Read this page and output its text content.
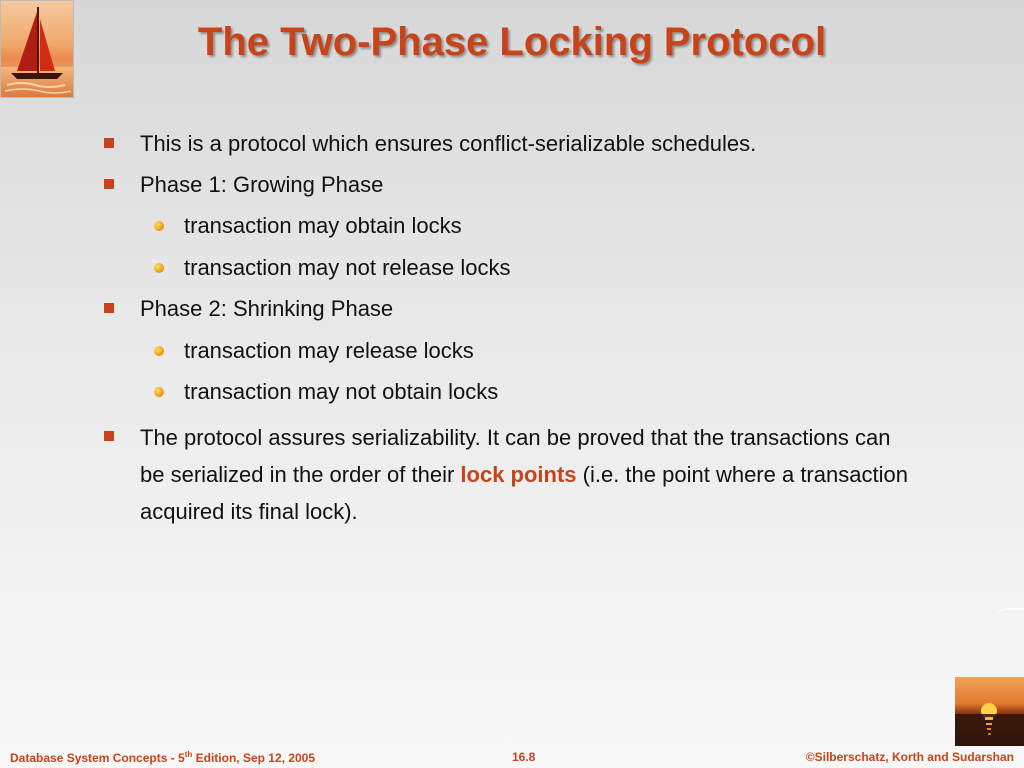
The Two-Phase Locking Protocol
This is a protocol which ensures conflict-serializable schedules.
Phase 1: Growing Phase
transaction may obtain locks
transaction may not release locks
Phase 2: Shrinking Phase
transaction may release locks
transaction may not obtain locks
The protocol assures serializability. It can be proved that the transactions can be serialized in the order of their lock points (i.e. the point where a transaction acquired its final lock).
Database System Concepts - 5th Edition, Sep 12, 2005	16.8	©Silberschatz, Korth and Sudarshan
